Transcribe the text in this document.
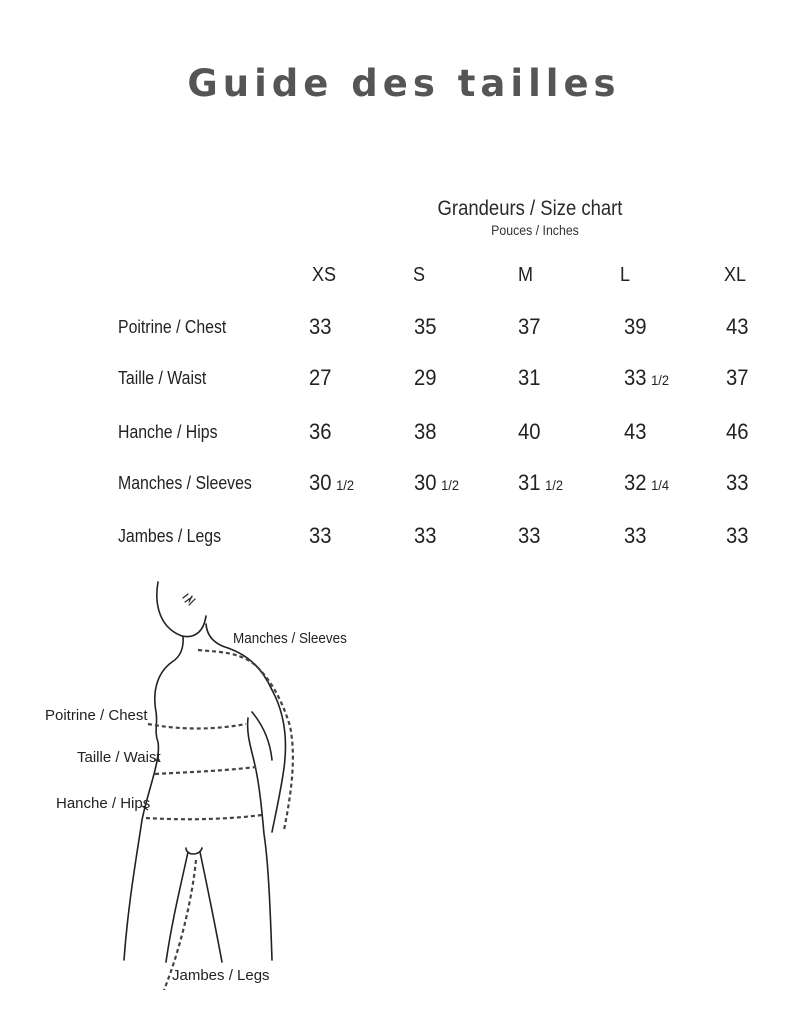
Guide des tailles
Grandeurs / Size chart
Pouces / Inches
XS	S	M	L	XL
Poitrine / Chest	33	35	37	39	43
Taille / Waist	27	29	31	33 1/2	37
Hanche / Hips	36	38	40	43	46
Manches / Sleeves	30 1/2	30 1/2	31 1/2	32 1/4	33
Jambes / Legs	33	33	33	33	33
Manches / Sleeves
Poitrine / Chest
Taille / Waist
Hanche / Hips
Jambes / Legs
